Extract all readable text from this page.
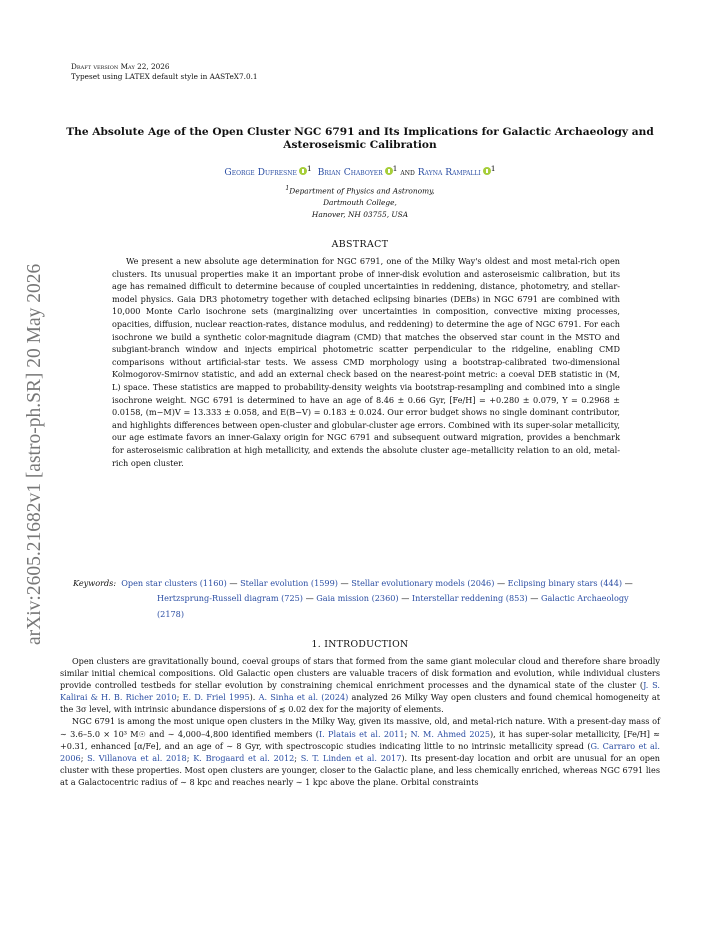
Draft version May 22, 2026
Typeset using LATEX default style in AASTeX7.0.1
The Absolute Age of the Open Cluster NGC 6791 and Its Implications for Galactic Archaeology and Asteroseismic Calibration
George Dufresne $^1$ Brian Chaboyer $^1$ and Rayna Rampalli $^1$
$^1$Department of Physics and Astronomy,
Dartmouth College,
Hanover, NH 03755, USA
arXiv:2605.21682v1 [astro-ph.SR] 20 May 2026
ABSTRACT
We present a new absolute age determination for NGC 6791, one of the Milky Way's oldest and most metal-rich open clusters. Its unusual properties make it an important probe of inner-disk evolution and asteroseismic calibration, but its age has remained difficult to determine because of coupled uncertainties in reddening, distance, photometry, and stellar-model physics. Gaia DR3 photometry together with detached eclipsing binaries (DEBs) in NGC 6791 are combined with 10,000 Monte Carlo isochrone sets (marginalizing over uncertainties in composition, convective mixing processes, opacities, diffusion, nuclear reaction-rates, distance modulus, and reddening) to determine the age of NGC 6791. For each isochrone we build a synthetic color-magnitude diagram (CMD) that matches the observed star count in the MSTO and subgiant-branch window and injects empirical photometric scatter perpendicular to the ridgeline, enabling CMD comparisons without artificial-star tests. We assess CMD morphology using a bootstrap-calibrated two-dimensional Kolmogorov-Smirnov statistic, and add an external check based on the nearest-point metric: a coeval DEB statistic in (M, L) space. These statistics are mapped to probability-density weights via bootstrap-resampling and combined into a single isochrone weight. NGC 6791 is determined to have an age of 8.46 ± 0.66 Gyr, [Fe/H] = +0.280 ± 0.079, Y = 0.2968 ± 0.0158, (m−M)V = 13.333 ± 0.058, and E(B−V) = 0.183 ± 0.024. Our error budget shows no single dominant contributor, and highlights differences between open-cluster and globular-cluster age errors. Combined with its super-solar metallicity, our age estimate favors an inner-Galaxy origin for NGC 6791 and subsequent outward migration, provides a benchmark for asteroseismic calibration at high metallicity, and extends the absolute cluster age–metallicity relation to an old, metal-rich open cluster.
Keywords: Open star clusters (1160) — Stellar evolution (1599) — Stellar evolutionary models (2046) — Eclipsing binary stars (444) — Hertzsprung-Russell diagram (725) — Gaia mission (2360) — Interstellar reddening (853) — Galactic Archaeology (2178)
1. INTRODUCTION

Open clusters are gravitationally bound, coeval groups of stars that formed from the same giant molecular cloud and therefore share broadly similar initial chemical compositions. Old Galactic open clusters are valuable tracers of disk formation and evolution, while individual clusters provide controlled testbeds for stellar evolution by constraining chemical enrichment processes and the dynamical state of the cluster (J. S. Kalirai & H. B. Richer 2010; E. D. Friel 1995). A. Sinha et al. (2024) analyzed 26 Milky Way open clusters and found chemical homogeneity at the 3σ level, with intrinsic abundance dispersions of ≲ 0.02 dex for the majority of elements.

NGC 6791 is among the most unique open clusters in the Milky Way, given its massive, old, and metal-rich nature. With a present-day mass of ∼ 3.6–5.0 × 10³ M☉ and ∼ 4,000–4,800 identified members (I. Platais et al. 2011; N. M. Ahmed 2025), it has super-solar metallicity, [Fe/H] ≈ +0.31, enhanced [α/Fe], and an age of ∼ 8 Gyr, with spectroscopic studies indicating little to no intrinsic metallicity spread (G. Carraro et al. 2006; S. Villanova et al. 2018; K. Brogaard et al. 2012; S. T. Linden et al. 2017). Its present-day location and orbit are unusual for an open cluster with these properties. Most open clusters are younger, closer to the Galactic plane, and less chemically enriched, whereas NGC 6791 lies at a Galactocentric radius of ∼ 8 kpc and reaches nearly ∼ 1 kpc above the plane. Orbital constraints
